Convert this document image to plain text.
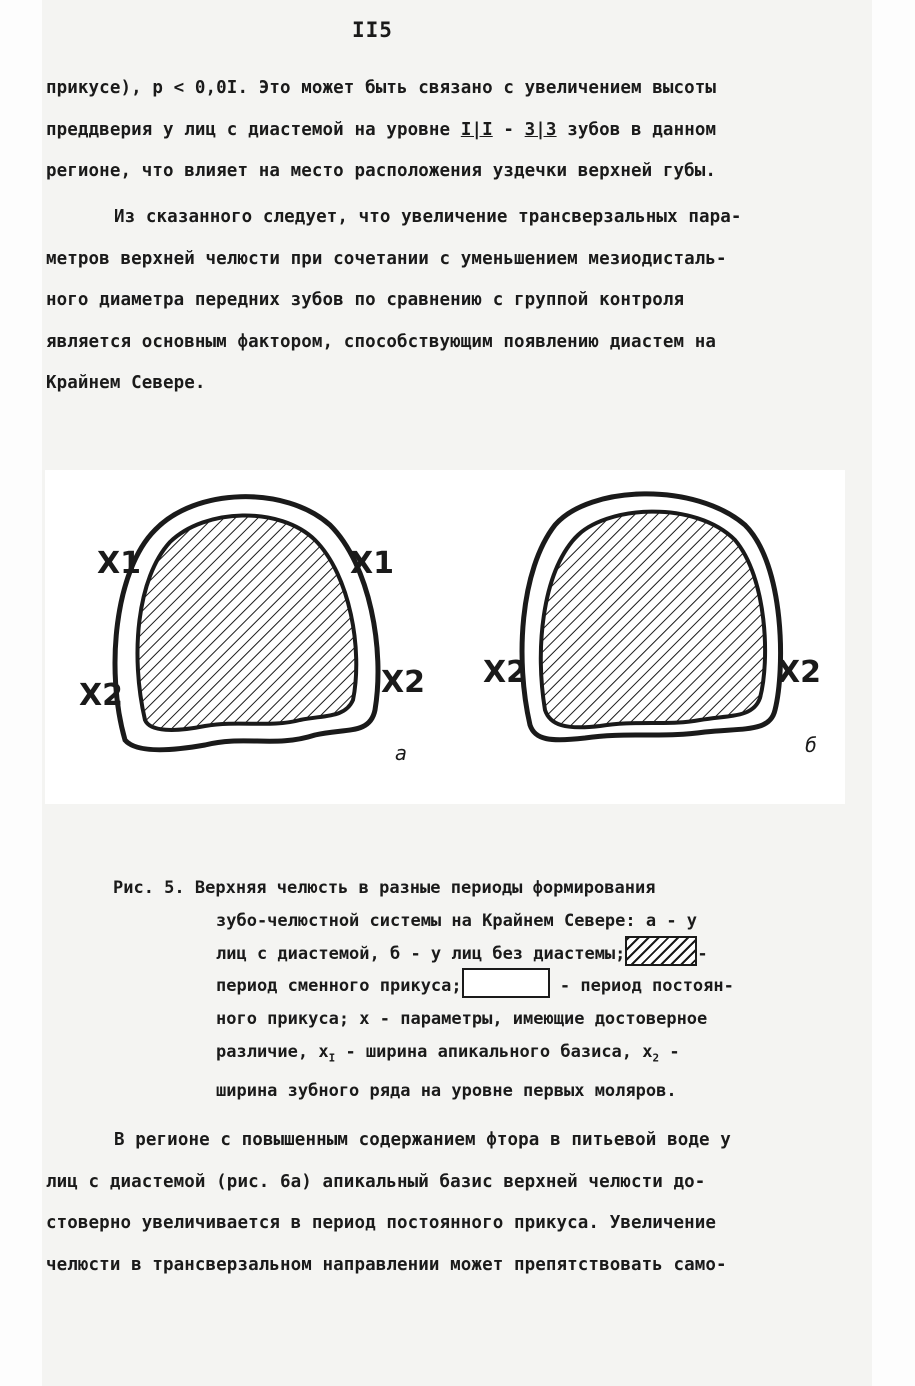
II5
прикусе), p < 0,0I. Это может быть связано с увеличением высоты
преддверия у лиц с диастемой на уровне I|I - 3|3 зубов в данном
регионе, что влияет на место расположения уздечки верхней губы.
Из сказанного следует, что увеличение трансверзальных пара-
метров верхней челюсти при сочетании с уменьшением мезиодисталь-
ного диаметра передних зубов по сравнению с группой контроля
является основным фактором, способствующим появлению диастем на
Крайнем Севере.
X1	X1
X2	X2
а
X2	X2
б
Рис. 5. Верхняя челюсть в разные периоды формирования
зубо-челюстной системы на Крайнем Севере: а - у
лиц с диастемой, б - у лиц без диастемы;	-
период сменного прикуса;	- период постоян-
ного прикуса; x - параметры, имеющие достоверное
различие, $x_I$ - ширина апикального базиса, $x_2$ -
ширина зубного ряда на уровне первых моляров.
В регионе с повышенным содержанием фтора в питьевой воде у
лиц с диастемой (рис. 6а) апикальный базис верхней челюсти до-
стоверно увеличивается в период постоянного прикуса. Увеличение
челюсти в трансверзальном направлении может препятствовать само-
